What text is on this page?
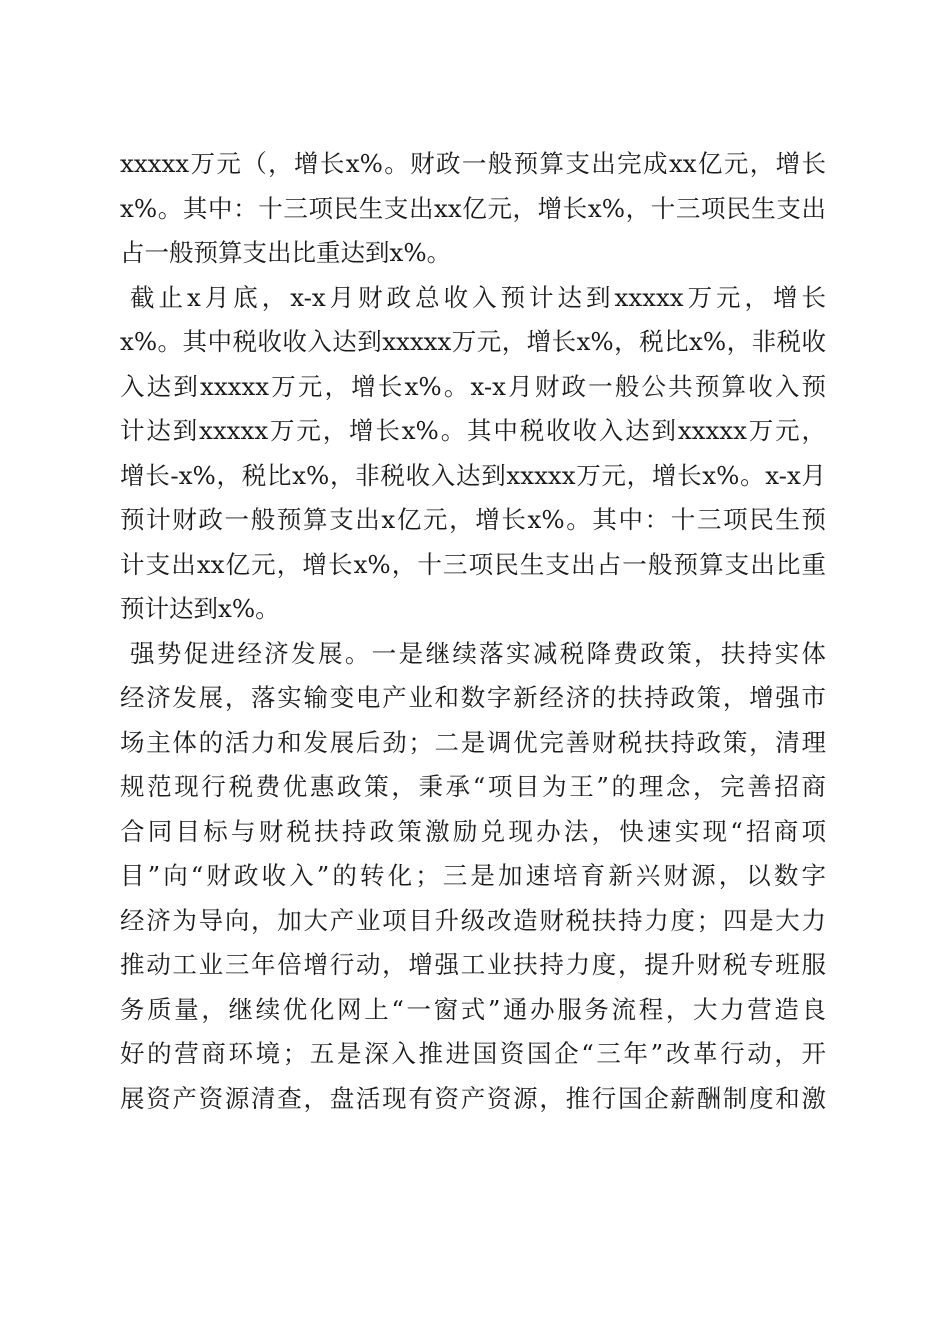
xxxxx万元（，增长x%。财政一般预算支出完成xx亿元，增长
x%。其中：十三项民生支出xx亿元，增长x%，十三项民生支出
占一般预算支出比重达到x%。
截止x月底，x-x月财政总收入预计达到xxxxx万元，增长
x%。其中税收收入达到xxxxx万元，增长x%，税比x%，非税收
入达到xxxxx万元，增长x%。x-x月财政一般公共预算收入预
计达到xxxxx万元，增长x%。其中税收收入达到xxxxx万元，
增长-x%，税比x%，非税收入达到xxxxx万元，增长x%。x-x月
预计财政一般预算支出x亿元，增长x%。其中：十三项民生预
计支出xx亿元，增长x%，十三项民生支出占一般预算支出比重
预计达到x%。
强势促进经济发展。一是继续落实减税降费政策，扶持实体
经济发展，落实输变电产业和数字新经济的扶持政策，增强市
场主体的活力和发展后劲；二是调优完善财税扶持政策，清理
规范现行税费优惠政策，秉承“项目为王”的理念，完善招商
合同目标与财税扶持政策激励兑现办法，快速实现“招商项
目”向“财政收入”的转化；三是加速培育新兴财源，以数字
经济为导向，加大产业项目升级改造财税扶持力度；四是大力
推动工业三年倍增行动，增强工业扶持力度，提升财税专班服
务质量，继续优化网上“一窗式”通办服务流程，大力营造良
好的营商环境；五是深入推进国资国企“三年”改革行动，开
展资产资源清查，盘活现有资产资源，推行国企薪酬制度和激
